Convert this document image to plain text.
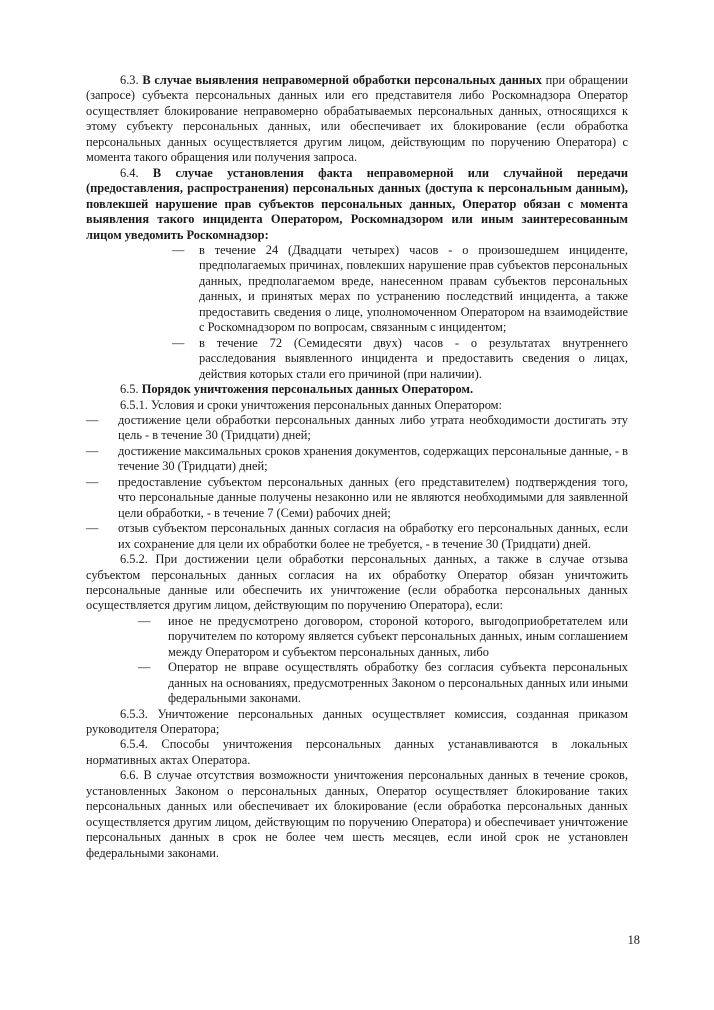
6.3. В случае выявления неправомерной обработки персональных данных при обращении (запросе) субъекта персональных данных или его представителя либо Роскомнадзора Оператор осуществляет блокирование неправомерно обрабатываемых персональных данных, относящихся к этому субъекту персональных данных, или обеспечивает их блокирование (если обработка персональных данных осуществляется другим лицом, действующим по поручению Оператора) с момента такого обращения или получения запроса.

6.4. В случае установления факта неправомерной или случайной передачи (предоставления, распространения) персональных данных (доступа к персональным данным), повлекшей нарушение прав субъектов персональных данных, Оператор обязан с момента выявления такого инцидента Оператором, Роскомнадзором или иным заинтересованным лицом уведомить Роскомнадзор:

— в течение 24 (Двадцати четырех) часов - о произошедшем инциденте, предполагаемых причинах, повлекших нарушение прав субъектов персональных данных, предполагаемом вреде, нанесенном правам субъектов персональных данных, и принятых мерах по устранению последствий инцидента, а также предоставить сведения о лице, уполномоченном Оператором на взаимодействие с Роскомнадзором по вопросам, связанным с инцидентом;
— в течение 72 (Семидесяти двух) часов - о результатах внутреннего расследования выявленного инцидента и предоставить сведения о лицах, действия которых стали его причиной (при наличии).

6.5. Порядок уничтожения персональных данных Оператором.

6.5.1. Условия и сроки уничтожения персональных данных Оператором:

— достижение цели обработки персональных данных либо утрата необходимости достигать эту цель - в течение 30 (Тридцати) дней;
— достижение максимальных сроков хранения документов, содержащих персональные данные, - в течение 30 (Тридцати) дней;
— предоставление субъектом персональных данных (его представителем) подтверждения того, что персональные данные получены незаконно или не являются необходимыми для заявленной цели обработки, - в течение 7 (Семи) рабочих дней;
— отзыв субъектом персональных данных согласия на обработку его персональных данных, если их сохранение для цели их обработки более не требуется, - в течение 30 (Тридцати) дней.

6.5.2. При достижении цели обработки персональных данных, а также в случае отзыва субъектом персональных данных согласия на их обработку Оператор обязан уничтожить персональные данные или обеспечить их уничтожение (если обработка персональных данных осуществляется другим лицом, действующим по поручению Оператора), если:

— иное не предусмотрено договором, стороной которого, выгодоприобретателем или поручителем по которому является субъект персональных данных, иным соглашением между Оператором и субъектом персональных данных, либо
— Оператор не вправе осуществлять обработку без согласия субъекта персональных данных на основаниях, предусмотренных Законом о персональных данных или иными федеральными законами.

6.5.3. Уничтожение персональных данных осуществляет комиссия, созданная приказом руководителя Оператора;

6.5.4. Способы уничтожения персональных данных устанавливаются в локальных нормативных актах Оператора.

6.6. В случае отсутствия возможности уничтожения персональных данных в течение сроков, установленных Законом о персональных данных, Оператор осуществляет блокирование таких персональных данных или обеспечивает их блокирование (если обработка персональных данных осуществляется другим лицом, действующим по поручению Оператора) и обеспечивает уничтожение персональных данных в срок не более чем шесть месяцев, если иной срок не установлен федеральными законами.

18
